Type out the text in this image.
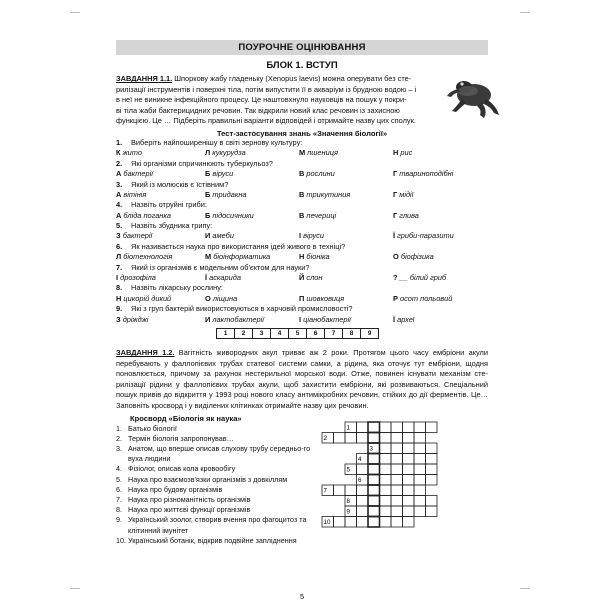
ПОУРОЧНЕ ОЦІНЮВАННЯ
БЛОК 1. ВСТУП
ЗАВДАННЯ 1.1. Шпоркову жабу гладеньку (Xenopus laevis) можна оперувати без сте-
рилізації інструментів і поверхні тіла, потім випустити її в акваріум із брудною водою – і
в неї не виникне інфекційного процесу. Це наштовхнуло науковців на пошук у покри-
ві тіла жаби бактерицидних речовин. Так відкрили новий клас речовин із захисною
функцією. Це … Підберіть правильні варіанти відповідей і отримайте назву цих сполук.
Тест-застосування знань «Значення біології»
1. Виберіть найпоширенішу в світі зернову культуру:
К жито	Л кукурудза	М пшениця	Н рис
2. Які організми спричинюють туберкульоз?
А бактерії	Б віруси	В рослини	Г твариноподібні
3. Який із молюсків є їстівним?
А вітінія	Б тридакна	В трикутиния	Г мідії
4. Назвіть отруйні гриби:
А бліда поганка	Б підосичники	В печериці	Г глива
5. Назвіть збудника грипу:
З бактерії	И амеби	І віруси	Ї гриби-паразити
6. Як називається наука про використання ідей живого в техніці?
Л біотехнологія	М біоінформатика	Н біоніка	О біофізика
7. Який із організмів є модельним об'єктом для науки?
І дрозофіла	Ї аскарида	Й слон	? __ білий гриб
8. Назвіть лікарську рослину:
Н цикорій дикий	О ліщина	П шовковиця	Р осот польовий
9. Які з груп бактерій використовуються в харчовій промисловості?
З дріжджі	И лактобактерії	І ціанобактерії	Ї археї
1	2	3	4	5	6	7	8	9
ЗАВДАННЯ 1.2. Вагітність живородних акул триває аж 2 роки. Протягом цього часу ембріони акули перебувають у фаллопієвих трубах статевої системи самки, а рідина, яка оточує тут ембріони, щодня поновлюється, причому за рахунок нестерильної морської води. Отже, повинен існувати механізм сте- рилізації рідини у фаллопієвих трубах акули, щоб захистити ембріони, які розвиваються. Спеціальний пошук привів до відкриття у 1993 році нового класу антимікробних речовин, стійких до дії ферментів. Це… Заповніть кросворд і у виділених клітинках отримайте назву цих речовин.
Кросворд «Біологія як наука»
1. Батько біології
2. Термін біологія запропонував…
3. Анатом, що вперше описав слухову трубу середньо-го вуха людини
4. Фізіолог, описав кола кровообігу
5. Наука про взаємозв'язки організмів з довкіллям
6. Наука про будову організмів
7. Наука про різноманітність організмів
8. Наука про життєві функції організмів
9. Український зоолог, створив вчення про фагоцитоз та клітинний імунітет
10. Український ботанік, відкрив подвійне запліднення
1
2
3
4
5
6
7
8
9
10
5
